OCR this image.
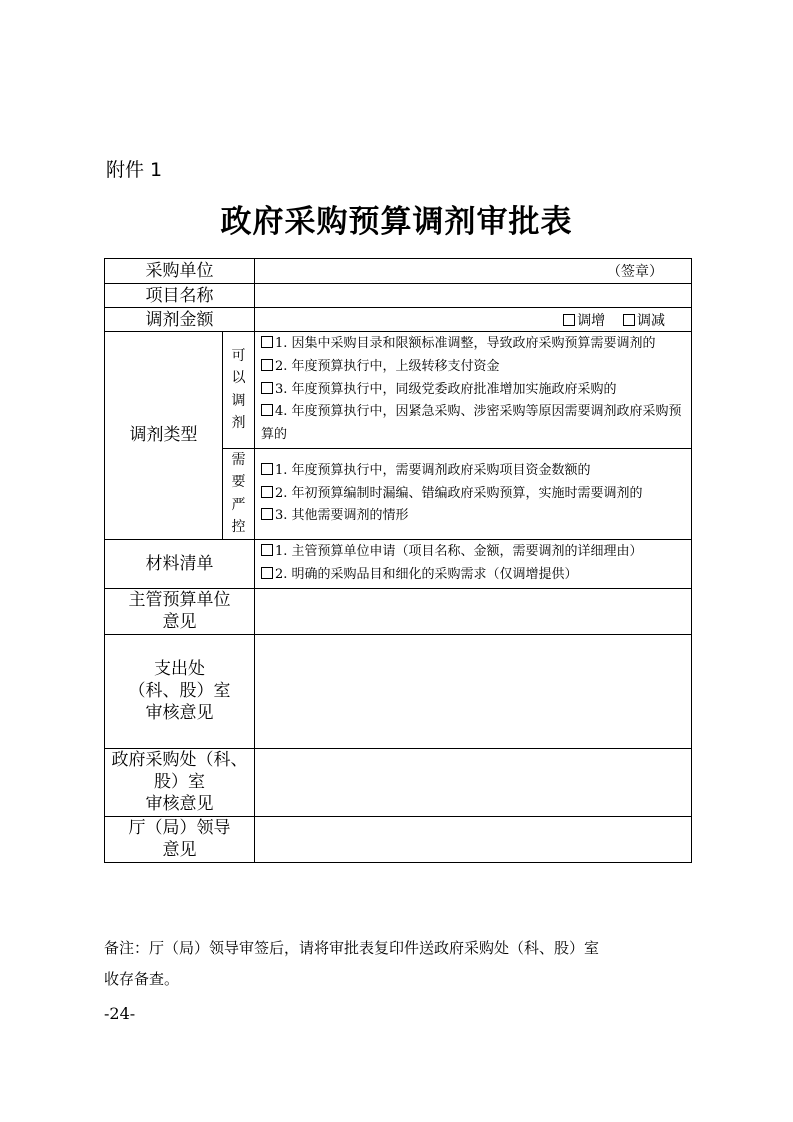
附件 1
政府采购预算调剂审批表
采购单位		（签章）
项目名称		
调剂金额		调增 调减
调剂类型	可以调剂	1. 因集中采购目录和限额标准调整，导致政府采购预算需要调剂的
2. 年度预算执行中，上级转移支付资金
3. 年度预算执行中，同级党委政府批准增加实施政府采购的
4. 年度预算执行中，因紧急采购、涉密采购等原因需要调剂政府采购预算的

	需要严控	1. 年度预算执行中，需要调剂政府采购项目资金数额的
2. 年初预算编制时漏编、错编政府采购预算，实施时需要调剂的
3. 其他需要调剂的情形

材料清单		1. 主管预算单位申请（项目名称、金额，需要调剂的详细理由）
2. 明确的采购品目和细化的采购需求（仅调增提供）

主管预算单位
意见		

支出处
（科、股）室
审核意见		

政府采购处（科、
股）室
审核意见		

厅（局）领导
意见		

备注：厅（局）领导审签后，请将审批表复印件送政府采购处（科、股）室
收存备查。
-24-
